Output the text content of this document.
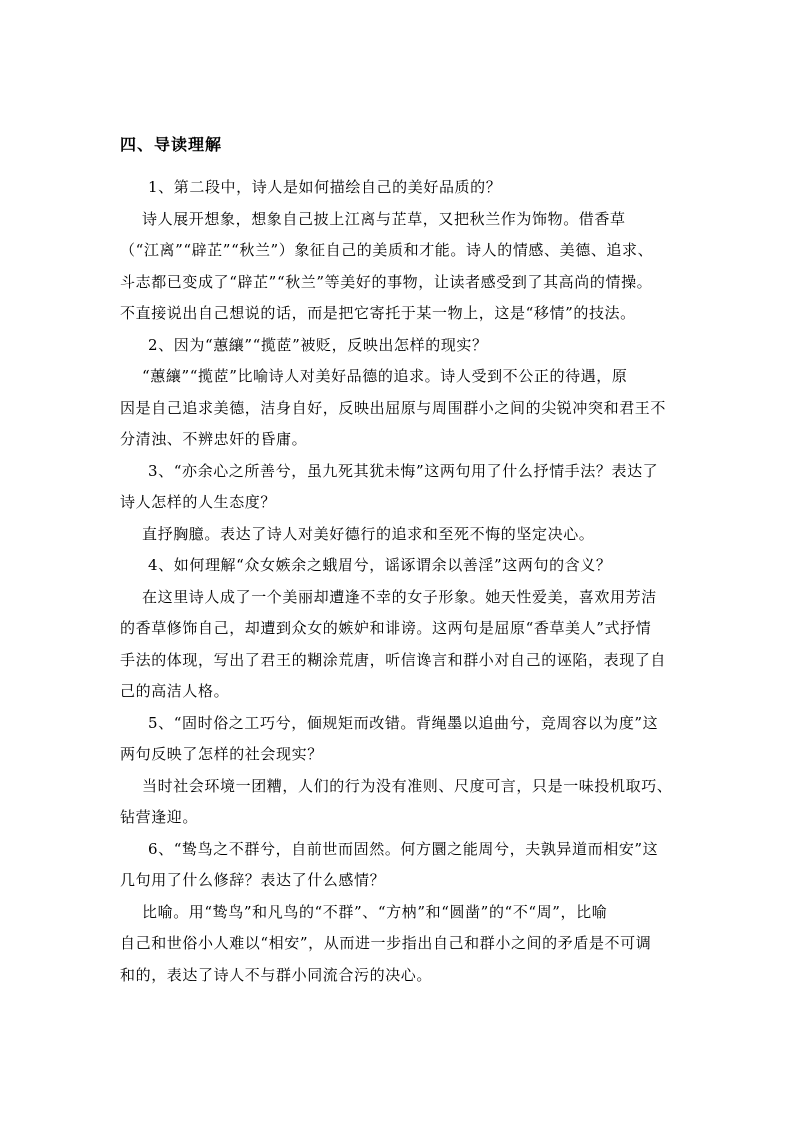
四、导读理解
1、第二段中，诗人是如何描绘自己的美好品质的？
诗人展开想象，想象自己披上江离与芷草，又把秋兰作为饰物。借香草
（“江离”“辟芷”“秋兰”）象征自己的美质和才能。诗人的情感、美德、追求、
斗志都已变成了“辟芷”“秋兰”等美好的事物，让读者感受到了其高尚的情操。
不直接说出自己想说的话，而是把它寄托于某一物上，这是“移情”的技法。
2、因为“蕙纕”“揽茝”被贬，反映出怎样的现实？
“蕙纕”“揽茝”比喻诗人对美好品德的追求。诗人受到不公正的待遇，原
因是自己追求美德，洁身自好，反映出屈原与周围群小之间的尖锐冲突和君王不
分清浊、不辨忠奸的昏庸。
3、“亦余心之所善兮，虽九死其犹未悔”这两句用了什么抒情手法？表达了
诗人怎样的人生态度？
直抒胸臆。表达了诗人对美好德行的追求和至死不悔的坚定决心。
4、如何理解“众女嫉余之蛾眉兮，谣诼谓余以善淫”这两句的含义？
在这里诗人成了一个美丽却遭逢不幸的女子形象。她天性爱美，喜欢用芳洁
的香草修饰自己，却遭到众女的嫉妒和诽谤。这两句是屈原“香草美人”式抒情
手法的体现，写出了君王的糊涂荒唐，听信谗言和群小对自己的诬陷，表现了自
己的高洁人格。
5、“固时俗之工巧兮，偭规矩而改错。背绳墨以追曲兮，竞周容以为度”这
两句反映了怎样的社会现实？
当时社会环境一团糟，人们的行为没有准则、尺度可言，只是一味投机取巧、
钻营逢迎。
6、“鸷鸟之不群兮，自前世而固然。何方圜之能周兮，夫孰异道而相安”这
几句用了什么修辞？表达了什么感情？
比喻。用“鸷鸟”和凡鸟的“不群”、“方枘”和“圆凿”的“不“周”，比喻
自己和世俗小人难以“相安”，从而进一步指出自己和群小之间的矛盾是不可调
和的，表达了诗人不与群小同流合污的决心。
